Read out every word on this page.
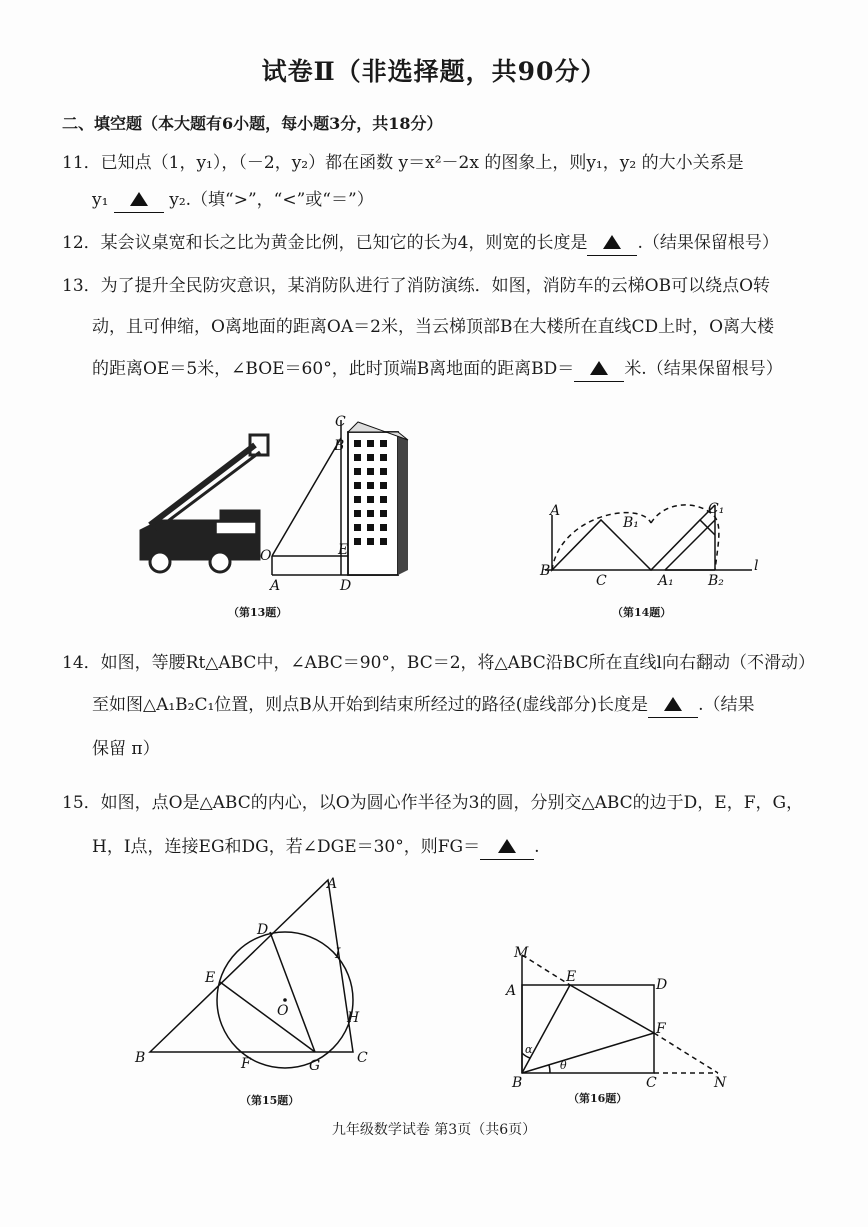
试卷Ⅱ（非选择题，共90分）
二、填空题（本大题有6小题，每小题3分，共18分）
11．已知点（1，y₁），（－2，y₂）都在函数 y＝x²－2x 的图象上，则y₁，y₂ 的大小关系是
y₁	y₂.（填“>”，“<”或“＝”）
12．某会议桌宽和长之比为黄金比例，已知它的长为4，则宽的长度是	.（结果保留根号）
13．为了提升全民防灾意识，某消防队进行了消防演练．如图，消防车的云梯OB可以绕点O转
动，且可伸缩，O离地面的距离OA＝2米，当云梯顶部B在大楼所在直线CD上时，O离大楼
的距离OE＝5米，∠BOE＝60°，此时顶端B离地面的距离BD＝	米.（结果保留根号）
C
B
O	E
A	D
（第13题）
A
B₁
C₁
B
C	A₁ B₂
l
（第14题）
14．如图，等腰Rt△ABC中，∠ABC＝90°，BC＝2，将△ABC沿BC所在直线l向右翻动（不滑动）
至如图△A₁B₂C₁位置，则点B从开始到结束所经过的路径(虚线部分)长度是	.（结果
保留 π）
15．如图，点O是△ABC的内心，以O为圆心作半径为3的圆，分别交△ABC的边于D，E，F，G，
H，I点，连接EG和DG，若∠DGE＝30°，则FG＝	.
A
D
I
E
O	H
B	F	G	C
（第15题）
M
A
E	D
F
α
θ
B	C	N
（第16题）
九年级数学试卷 第3页（共6页）
